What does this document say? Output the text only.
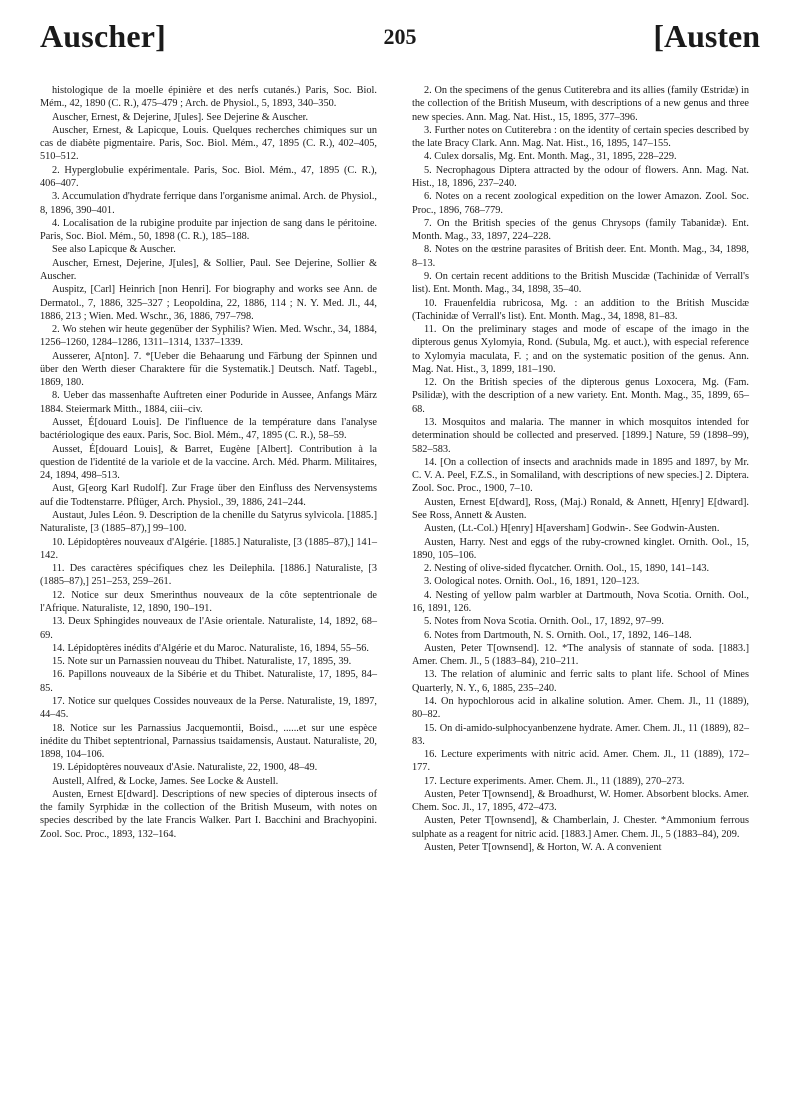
Auscher]	205	[Austen

histologique de la moelle épinière et des nerfs cutanés.) Paris, Soc. Biol. Mém., 42, 1890 (C. R.), 475–479 ; Arch. de Physiol., 5, 1893, 340–350.

Auscher, Ernest, & Dejerine, J[ules]. See Dejerine & Auscher.

Auscher, Ernest, & Lapicque, Louis. Quelques recherches chimiques sur un cas de diabète pigmentaire. Paris, Soc. Biol. Mém., 47, 1895 (C. R.), 402–405, 510–512.

2. Hyperglobulie expérimentale. Paris, Soc. Biol. Mém., 47, 1895 (C. R.), 406–407.

3. Accumulation d'hydrate ferrique dans l'organisme animal. Arch. de Physiol., 8, 1896, 390–401.

4. Localisation de la rubigine produite par injection de sang dans le péritoine. Paris, Soc. Biol. Mém., 50, 1898 (C. R.), 185–188.

See also Lapicque & Auscher.

Auscher, Ernest, Dejerine, J[ules], & Sollier, Paul. See Dejerine, Sollier & Auscher.

Auspitz, [Carl] Heinrich [non Henri]. For biography and works see Ann. de Dermatol., 7, 1886, 325–327 ; Leopoldina, 22, 1886, 114 ; N. Y. Med. Jl., 44, 1886, 213 ; Wien. Med. Wschr., 36, 1886, 797–798.

2. Wo stehen wir heute gegenüber der Syphilis? Wien. Med. Wschr., 34, 1884, 1256–1260, 1284–1286, 1311–1314, 1337–1339.

Ausserer, A[nton]. 7. *[Ueber die Behaarung und Färbung der Spinnen und über den Werth dieser Charaktere für die Systematik.] Deutsch. Natf. Tagebl., 1869, 180.

8. Ueber das massenhafte Auftreten einer Poduride in Aussee, Anfangs März 1884. Steiermark Mitth., 1884, ciii–civ.

Ausset, É[douard Louis]. De l'influence de la température dans l'analyse bactériologique des eaux. Paris, Soc. Biol. Mém., 47, 1895 (C. R.), 58–59.

Ausset, É[douard Louis], & Barret, Eugène [Albert]. Contribution à la question de l'identité de la variole et de la vaccine. Arch. Méd. Pharm. Militaires, 24, 1894, 498–513.

Aust, G[eorg Karl Rudolf]. Zur Frage über den Einfluss des Nervensystems auf die Todtenstarre. Pflüger, Arch. Physiol., 39, 1886, 241–244.

Austaut, Jules Léon. 9. Description de la chenille du Satyrus sylvicola. [1885.] Naturaliste, [3 (1885–87),] 99–100.

10. Lépidoptères nouveaux d'Algérie. [1885.] Naturaliste, [3 (1885–87),] 141–142.

11. Des caractères spécifiques chez les Deilephila. [1886.] Naturaliste, [3 (1885–87),] 251–253, 259–261.

12. Notice sur deux Smerinthus nouveaux de la côte septentrionale de l'Afrique. Naturaliste, 12, 1890, 190–191.

13. Deux Sphingides nouveaux de l'Asie orientale. Naturaliste, 14, 1892, 68–69.

14. Lépidoptères inédits d'Algérie et du Maroc. Naturaliste, 16, 1894, 55–56.

15. Note sur un Parnassien nouveau du Thibet. Naturaliste, 17, 1895, 39.

16. Papillons nouveaux de la Sibérie et du Thibet. Naturaliste, 17, 1895, 84–85.

17. Notice sur quelques Cossides nouveaux de la Perse. Naturaliste, 19, 1897, 44–45.

18. Notice sur les Parnassius Jacquemontii, Boisd., ......et sur une espèce inédite du Thibet septentrional, Parnassius tsaidamensis, Austaut. Naturaliste, 20, 1898, 104–106.

19. Lépidoptères nouveaux d'Asie. Naturaliste, 22, 1900, 48–49.

Austell, Alfred, & Locke, James. See Locke & Austell.

Austen, Ernest E[dward]. Descriptions of new species of dipterous insects of the family Syrphidæ in the collection of the British Museum, with notes on species described by the late Francis Walker. Part I. Bacchini and Brachyopini. Zool. Soc. Proc., 1893, 132–164.

2. On the specimens of the genus Cutiterebra and its allies (family Œstridæ) in the collection of the British Museum, with descriptions of a new genus and three new species. Ann. Mag. Nat. Hist., 15, 1895, 377–396.

3. Further notes on Cutiterebra : on the identity of certain species described by the late Bracy Clark. Ann. Mag. Nat. Hist., 16, 1895, 147–155.

4. Culex dorsalis, Mg. Ent. Month. Mag., 31, 1895, 228–229.

5. Necrophagous Diptera attracted by the odour of flowers. Ann. Mag. Nat. Hist., 18, 1896, 237–240.

6. Notes on a recent zoological expedition on the lower Amazon. Zool. Soc. Proc., 1896, 768–779.

7. On the British species of the genus Chrysops (family Tabanidæ). Ent. Month. Mag., 33, 1897, 224–228.

8. Notes on the œstrine parasites of British deer. Ent. Month. Mag., 34, 1898, 8–13.

9. On certain recent additions to the British Muscidæ (Tachinidæ of Verrall's list). Ent. Month. Mag., 34, 1898, 35–40.

10. Frauenfeldia rubricosa, Mg. : an addition to the British Muscidæ (Tachinidæ of Verrall's list). Ent. Month. Mag., 34, 1898, 81–83.

11. On the preliminary stages and mode of escape of the imago in the dipterous genus Xylomyia, Rond. (Subula, Mg. et auct.), with especial reference to Xylomyia maculata, F. ; and on the systematic position of the genus. Ann. Mag. Nat. Hist., 3, 1899, 181–190.

12. On the British species of the dipterous genus Loxocera, Mg. (Fam. Psilidæ), with the description of a new variety. Ent. Month. Mag., 35, 1899, 65–68.

13. Mosquitos and malaria. The manner in which mosquitos intended for determination should be collected and preserved. [1899.] Nature, 59 (1898–99), 582–583.

14. [On a collection of insects and arachnids made in 1895 and 1897, by Mr. C. V. A. Peel, F.Z.S., in Somaliland, with descriptions of new species.] 2. Diptera. Zool. Soc. Proc., 1900, 7–10.

Austen, Ernest E[dward], Ross, (Maj.) Ronald, & Annett, H[enry] E[dward]. See Ross, Annett & Austen.

Austen, (Lt.-Col.) H[enry] H[aversham] Godwin-. See Godwin-Austen.

Austen, Harry. Nest and eggs of the ruby-crowned kinglet. Ornith. Ool., 15, 1890, 105–106.

2. Nesting of olive-sided flycatcher. Ornith. Ool., 15, 1890, 141–143.

3. Oological notes. Ornith. Ool., 16, 1891, 120–123.

4. Nesting of yellow palm warbler at Dartmouth, Nova Scotia. Ornith. Ool., 16, 1891, 126.

5. Notes from Nova Scotia. Ornith. Ool., 17, 1892, 97–99.

6. Notes from Dartmouth, N. S. Ornith. Ool., 17, 1892, 146–148.

Austen, Peter T[ownsend]. 12. *The analysis of stannate of soda. [1883.] Amer. Chem. Jl., 5 (1883–84), 210–211.

13. The relation of aluminic and ferric salts to plant life. School of Mines Quarterly, N. Y., 6, 1885, 235–240.

14. On hypochlorous acid in alkaline solution. Amer. Chem. Jl., 11 (1889), 80–82.

15. On di-amido-sulphocyanbenzene hydrate. Amer. Chem. Jl., 11 (1889), 82–83.

16. Lecture experiments with nitric acid. Amer. Chem. Jl., 11 (1889), 172–177.

17. Lecture experiments. Amer. Chem. Jl., 11 (1889), 270–273.

Austen, Peter T[ownsend], & Broadhurst, W. Homer. Absorbent blocks. Amer. Chem. Soc. Jl., 17, 1895, 472–473.

Austen, Peter T[ownsend], & Chamberlain, J. Chester. *Ammonium ferrous sulphate as a reagent for nitric acid. [1883.] Amer. Chem. Jl., 5 (1883–84), 209.

Austen, Peter T[ownsend], & Horton, W. A. A convenient
